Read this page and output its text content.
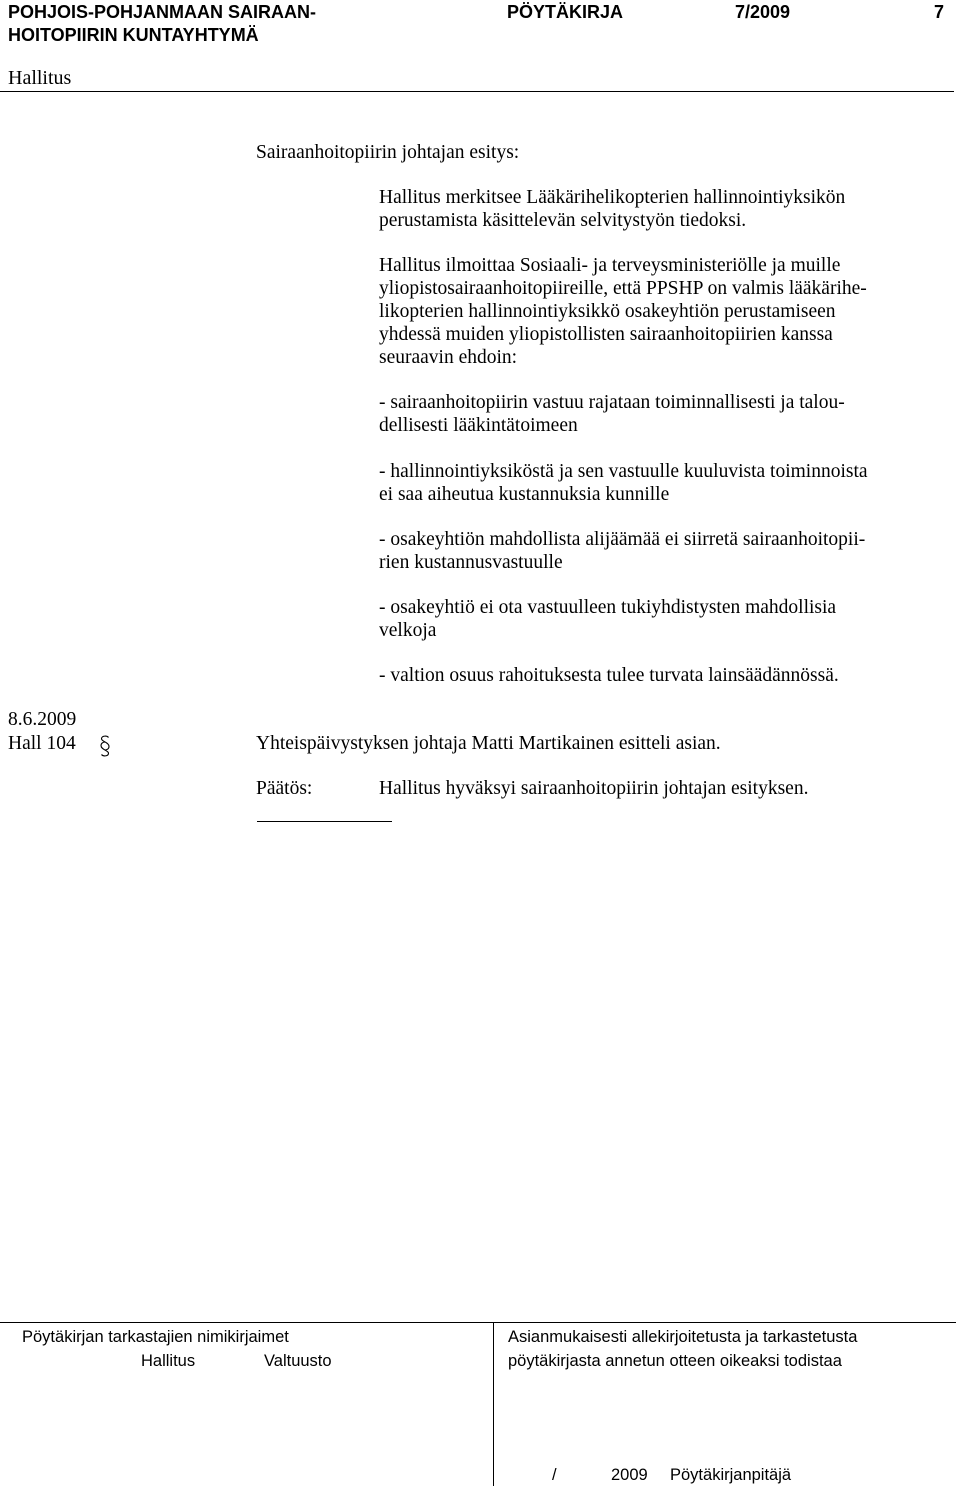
POHJOIS-POHJANMAAN SAIRAAN-
HOITOPIIRIN KUNTAYHTYMÄ
PÖYTÄKIRJA	7/2009	7
Hallitus
Sairaanhoitopiirin johtajan esitys:
Hallitus merkitsee Lääkärihelikopterien hallinnointiyksikön
perustamista käsittelevän selvitystyön tiedoksi.
Hallitus ilmoittaa Sosiaali- ja terveysministeriölle ja muille
yliopistosairaanhoitopiireille, että PPSHP on valmis lääkärihe-
likopterien hallinnointiyksikkö osakeyhtiön perustamiseen
yhdessä muiden yliopistollisten sairaanhoitopiirien kanssa
seuraavin ehdoin:
- sairaanhoitopiirin vastuu rajataan toiminnallisesti ja talou-
dellisesti lääkintätoimeen
- hallinnointiyksiköstä ja sen vastuulle kuuluvista toiminnoista
ei saa aiheutua kustannuksia kunnille
- osakeyhtiön mahdollista alijäämää ei siirretä sairaanhoitopii-
rien kustannusvastuulle
- osakeyhtiö ei ota vastuulleen tukiyhdistysten mahdollisia
velkoja
- valtion osuus rahoituksesta tulee turvata lainsäädännössä.
8.6.2009
Hall 104	Yhteispäivystyksen johtaja Matti Martikainen esitteli asian.
Päätös:	Hallitus hyväksyi sairaanhoitopiirin johtajan esityksen.
Pöytäkirjan tarkastajien nimikirjaimet
Hallitus	Valtuusto
Asianmukaisesti allekirjoitetusta ja tarkastetusta
pöytäkirjasta annetun otteen oikeaksi todistaa
/	2009 Pöytäkirjanpitäjä
